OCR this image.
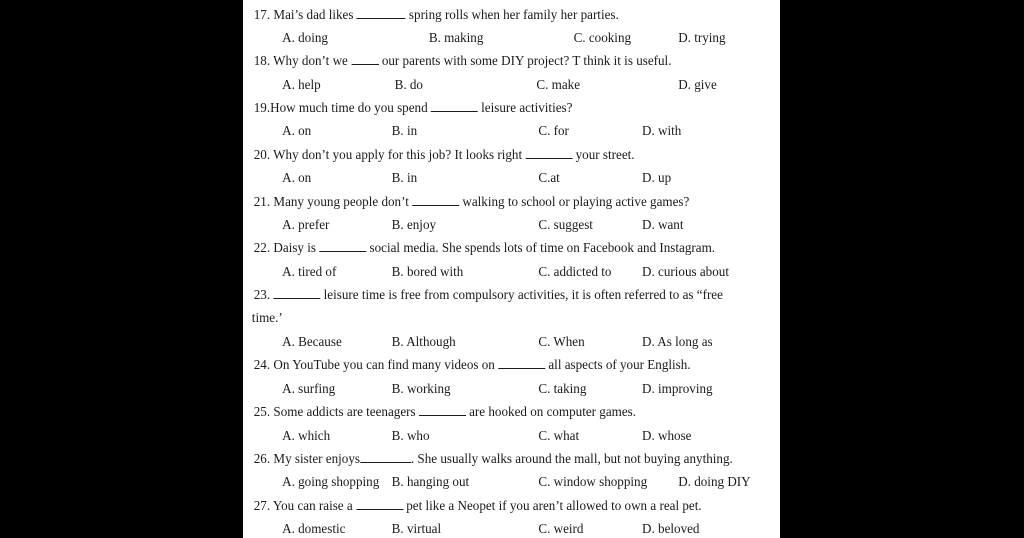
17. Mai’s dad likes	spring rolls when her family her parties.
A. doing	B. making	C. cooking	D. trying
18. Why don’t we	our parents with some DIY project? T think it is useful.
A. help	B. do	C. make	D. give
19.How much time do you spend	leisure activities?
A. on	B. in	C. for	D. with
20. Why don’t you apply for this job? It looks right	your street.
A. on	B. in	C.at	D. up
21. Many young people don’t	walking to school or playing active games?
A. prefer	B. enjoy	C. suggest	D. want
22. Daisy is	social media. She spends lots of time on Facebook and Instagram.
A. tired of	B. bored with	C. addicted to D. curious about
23.	leisure time is free from compulsory activities, it is often referred to as “free
time.’
A. Because	B. Although	C. When	D. As long as
24. On YouTube you can find many videos on	all aspects of your English.
A. surfing	B. working	C. taking	D. improving
25. Some addicts are teenagers	are hooked on computer games.
A. which	B. who	C. what	D. whose
26. My sister enjoys	. She usually walks around the mall, but not buying anything.
A. going shopping B. hanging out	C. window shopping D. doing DIY
27. You can raise a	pet like a Neopet if you aren’t allowed to own a real pet.
A. domestic	B. virtual	C. weird	D. beloved
